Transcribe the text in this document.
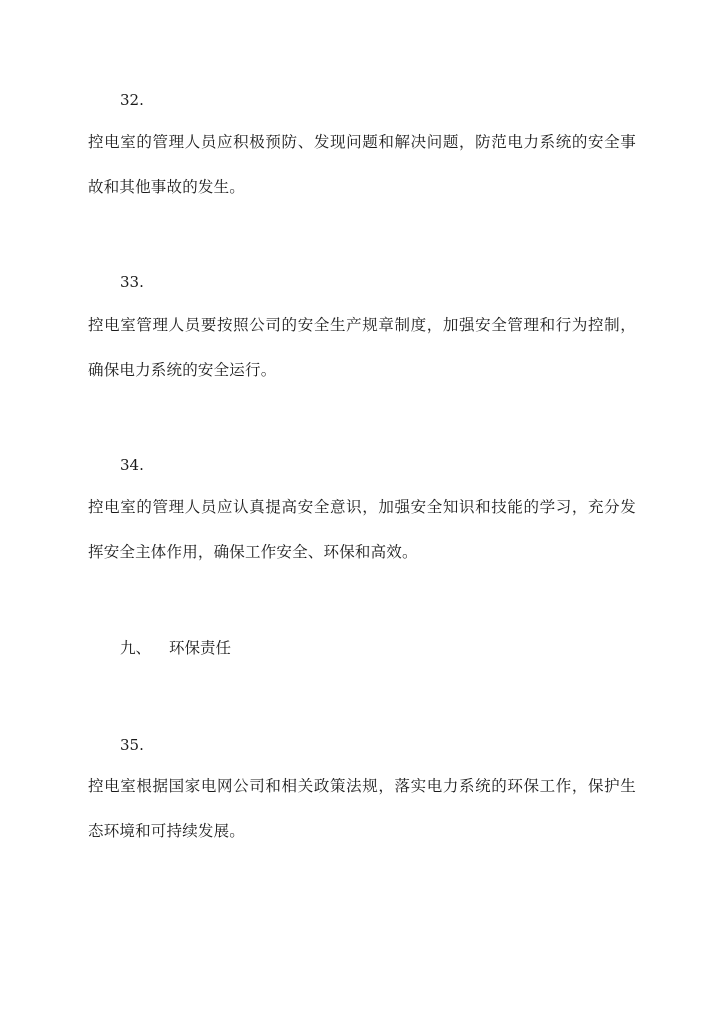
32.
控电室的管理人员应积极预防、发现问题和解决问题，防范电力系统的安全事故和其他事故的发生。
33.
控电室管理人员要按照公司的安全生产规章制度，加强安全管理和行为控制，确保电力系统的安全运行。
34.
控电室的管理人员应认真提高安全意识，加强安全知识和技能的学习，充分发挥安全主体作用，确保工作安全、环保和高效。
九、 环保责任
35.
控电室根据国家电网公司和相关政策法规，落实电力系统的环保工作，保护生态环境和可持续发展。
